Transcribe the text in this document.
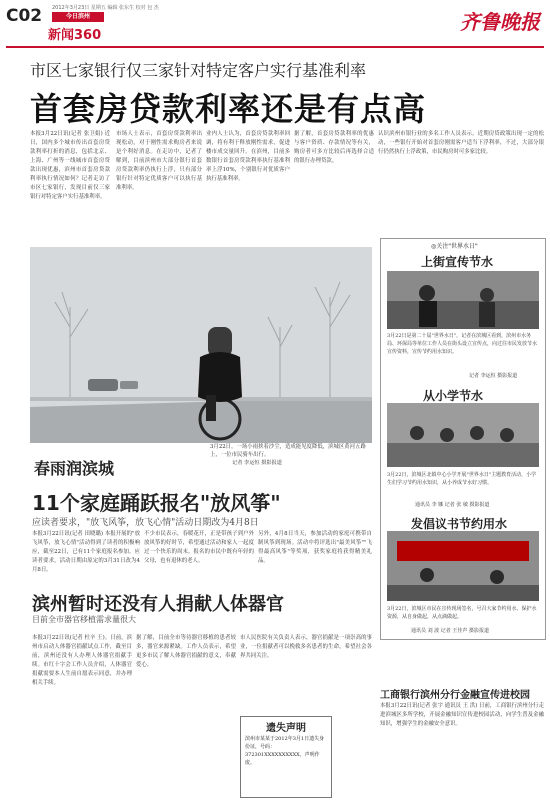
C02 2012年3月23日 星期五 编辑 张东生 校对 包 杰
今日滨州
新闻360
齐鲁晚报
市区七家银行仅三家针对特定客户实行基准利率
首套房贷款利率还是有点高
本报3月22日讯(记者 张卫娟) 近日，国内多个城市传出首套房贷款利率打折的消息，包括北京、上海、广州等一线城市首套房贷款出现优惠，滨州市首套房贷款利率执行情况如何？记者走访了市区七家银行，发现目前仅三家银行对特定客户实行基准利率。
市场人士表示，首套房贷款利率出现松动，对于刚性需求购房者来说是个利好消息。在走访中，记者了解到，目前滨州市大部分银行首套房贷款利率仍执行上浮，只有部分银行针对特定优质客户可以执行基准利率。
业内人士认为，首套房贷款利率回调，将有利于释放刚性需求，促进楼市成交量回升。在滨州，目前多数银行首套房贷款利率执行基准利率上浮10%，个别银行对优质客户执行基准利率。
据了解，首套房贷款利率的优惠与客户资质、存款情况等有关，购房者可多方比较后再选择合适的银行办理贷款。
认识滨州市银行业的多名工作人员表示，近期房贷政策出现一定的松动，一些银行开始对首套房刚需客户适当下浮利率，不过，大部分银行仍然执行上浮政策，市民购房时可多家比较。
3月22日，一场小雨挟着沙尘，造成能见度降低，滨城区黄河五路上，一位市民骑车出行。
春雨润滨城	记者 李运恒 摄影报道
◎关注"世界水日"
上街宣传节水
3月22日是第二十届"世界水日"，记者在滨城区看到，滨州市水务局、环保局等单位工作人员在街头设立宣传点，向过往市民发放节水宣传资料，宣传节约用水知识。
记者 李运恒 摄影报道
从小学节水
3月22日，滨城区北镇中心小学开展"世界水日"主题教育活动，小学生们学习节约用水知识，从小养成节水好习惯。
通讯员 李 娜 记者 张 敏 摄影报道
发倡议书节约用水
3月22日，滨城区市民在宣传现场签名，号召大家节约用水、保护水资源，从自身做起，从点滴做起。
通讯员 刘 波 记者 王佳声 摄影报道
11个家庭踊跃报名"放风筝"
应读者要求，"放飞风筝，放飞心情"活动日期改为4月8日
本报3月22日讯(记者 田晓璐) 本报开展的"放飞风筝，放飞心情"活动得到了读者的积极响应，截至22日，已有11个家庭报名参加。应读者要求，活动日期由原定的3月31日改为4月8日。
不少市民表示，春暖花开，正是带孩子到户外放风筝的好时节，希望通过活动和家人一起度过一个快乐的周末。报名的市民中既有年轻的父母，也有退休的老人。
另外，4月8日当天，参加活动的家庭可携带自制风筝到现场。活动中将评选出"最美风筝""飞得最高风筝"等奖项，获奖家庭将获得精美礼品。
滨州暂时还没有人捐献人体器官
目前全市器官移植需求量很大
本报3月22日讯(记者 杜辛 王)。日前，滨州市启动人体器官捐献试点工作，截至目前，滨州还没有人办理人体器官捐献手续。市红十字会工作人员介绍，人体器官捐献需要本人生前自愿表示同意，并办理相关手续。
据了解，目前全市等待器官移植的患者较多，器官来源紧缺。工作人员表示，希望更多市民了解人体器官捐献的意义，奉献爱心。
市人民医院有关负责人表示，器官捐献是一项崇高的事业，一位捐献者可以挽救多名患者的生命，希望社会各界共同关注。
遗失声明
滨州市某某于2012年3月1日遗失身份证，号码：372301XXXXXXXXXX，声明作废。
工商银行滨州分行金融宣传进校园
本报3月22日讯(记者 张宇 通讯员 王 洪) 日前，工商银行滨州分行走进滨城区多所学校，开展金融知识宣传进校园活动，向学生普及金融知识，增强学生的金融安全意识。
